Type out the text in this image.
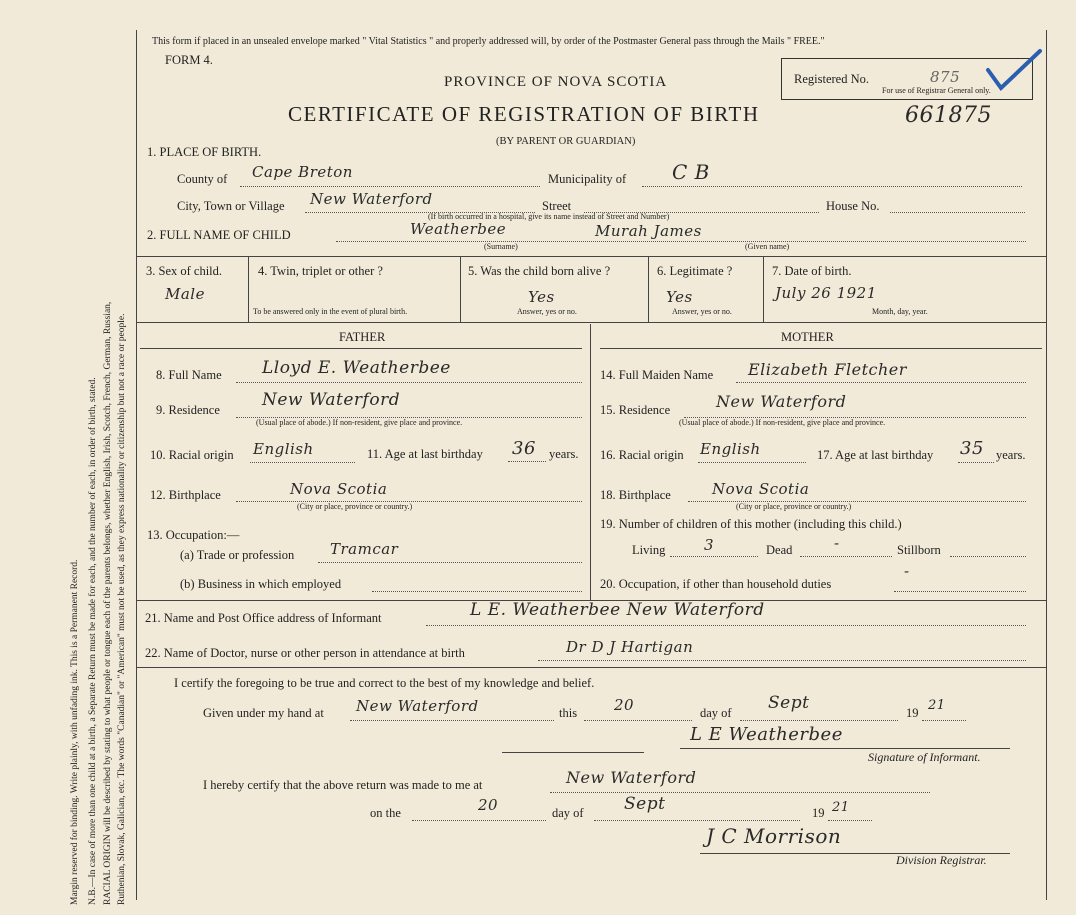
Margin reserved for binding. Write plainly, with unfading ink. This is a Permanent Record. N.B.—In case of more than one child at a birth, a Separate Return must be made for each, and the number of each, in order of birth, stated. RACIAL ORIGIN will be described by stating to what people or tongue each of the parents belongs, whether English, Irish, Scotch, French, German, Russian, Ruthenian, Slovak, Galician, etc. The words "Canadian" or "American" must not be used, as they express nationality or citizenship but not a race or people.
This form if placed in an unsealed envelope marked " Vital Statistics " and properly addressed will, by order of the Postmaster General pass through the Mails " FREE."
FORM 4.
PROVINCE OF NOVA SCOTIA	Registered No.	875
For use of Registrar General only.
CERTIFICATE OF REGISTRATION OF BIRTH	661875
(BY PARENT OR GUARDIAN)
1. PLACE OF BIRTH.
County of Cape Breton	Municipality of C B
City, Town or Village New Waterford	Street	House No.
(If birth occurred in a hospital, give its name instead of Street and Number)
2. FULL NAME OF CHILD	Weatherbee	Murah James
(Surname)	(Given name)
3. Sex of child.
Male
4. Twin, triplet or other ?
To be answered only in the event of plural birth.
5. Was the child born alive ?
Yes
Answer, yes or no.
6. Legitimate ?
Yes
Answer, yes or no.
7. Date of birth.
July 26 1921
Month, day, year.
FATHER	MOTHER
8. Full Name Lloyd E. Weatherbee
9. Residence New Waterford
(Usual place of abode.) If non-resident, give place and province.
10. Racial origin English	11. Age at last birthday 36 years.
12. Birthplace	Nova Scotia
(City or place, province or country.)
13. Occupation:—
(a) Trade or profession Tramcar
(b) Business in which employed
14. Full Maiden Name Elizabeth Fletcher
15. Residence	New Waterford
(Usual place of abode.) If non-resident, give place and province.
16. Racial origin English	17. Age at last birthday 35 years.
18. Birthplace	Nova Scotia
(City or place, province or country.)
19. Number of children of this mother (including this child.)
Living	3	Dead	-	Stillborn
20. Occupation, if other than household duties
-
21. Name and Post Office address of Informant	L E. Weatherbee New Waterford
22. Name of Doctor, nurse or other person in attendance at birth	Dr D J Hartigan
I certify the foregoing to be true and correct to the best of my knowledge and belief.
Given under my hand at New Waterford	this 20	day of Sept	19 21
L E Weatherbee
Signature of Informant.
I hereby certify that the above return was made to me at	New Waterford
on the	20	day of Sept	19 21
J C Morrison
Division Registrar.
